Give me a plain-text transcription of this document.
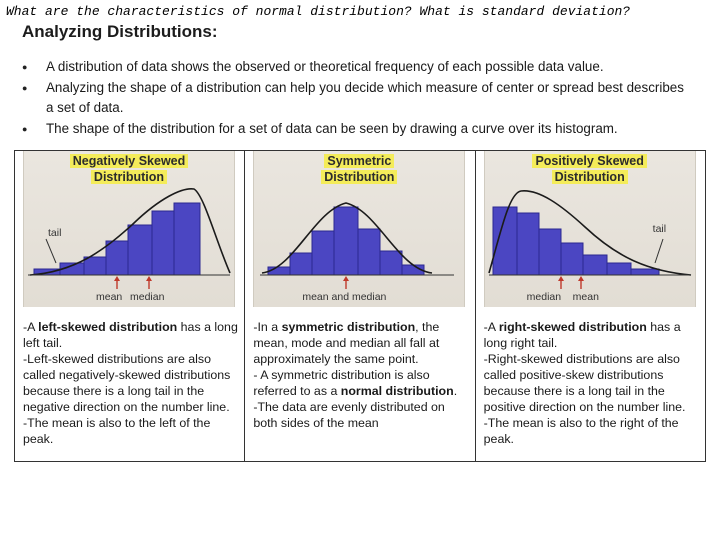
What are the characteristics of normal distribution? What is standard deviation?
Analyzing Distributions:
● A distribution of data shows the observed or theoretical frequency of each possible data value.
● Analyzing the shape of a distribution can help you decide which measure of center or spread best describes a set of data.
● The shape of the distribution for a set of data can be seen by drawing a curve over its histogram.
Negatively Skewed
Distribution
tail
mean median

-A left-skewed distribution has a long left tail.

-Left-skewed distributions are also called negatively-skewed distributions because there is a long tail in the negative direction on the number line.

-The mean is also to the left of the peak.

Symmetric
Distribution
mean and median

-In a symmetric distribution, the mean, mode and median all fall at approximately the same point.

- A symmetric distribution is also referred to as a normal distribution.

-The data are evenly distributed on both sides of the mean

Positively Skewed
Distribution
tail
median mean

-A right-skewed distribution has a long right tail.

-Right-skewed distributions are also called positive-skew distributions because there is a long tail in the positive direction on the number line.

-The mean is also to the right of the peak.
